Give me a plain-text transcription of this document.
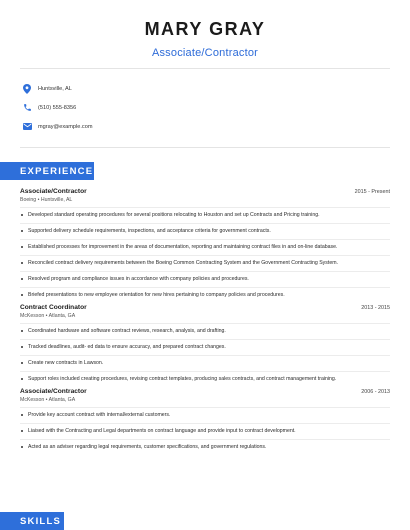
MARY GRAY
Associate/Contractor
Huntsville, AL
(510) 555-8356
mgray@example.com
EXPERIENCE
Associate/Contractor	2015 - Present
Boeing • Huntsville, AL
Developed standard operating procedures for several positions relocating to Houston and set up Contracts and Pricing training.
Supported delivery schedule requirements, inspections, and acceptance criteria for government contracts.
Established processes for improvement in the areas of documentation, reporting and maintaining contract files in and on-line database.
Reconciled contract delivery requirements between the Boeing Common Contracting System and the Government Contracting System.
Resolved program and compliance issues in accordance with company policies and procedures.
Briefed presentations to new employee orientation for new hires pertaining to company policies and procedures.
Contract Coordinator	2013 - 2015
McKesson • Atlanta, GA
Coordinated hardware and software contract reviews, research, analysis, and drafting.
Tracked deadlines, audit- ed data to ensure accuracy, and prepared contract changes.
Create new contracts in Lawson.
Support roles included creating procedures, revising contract templates, producing sales contracts, and contract management training.
Associate/Contractor	2006 - 2013
McKesson • Atlanta, GA
Provide key account contract with internal/external customers.
Liaised with the Contracting and Legal departments on contract language and provide input to contract development.
Acted as an adviser regarding legal requirements, customer specifications, and government regulations.
SKILLS
